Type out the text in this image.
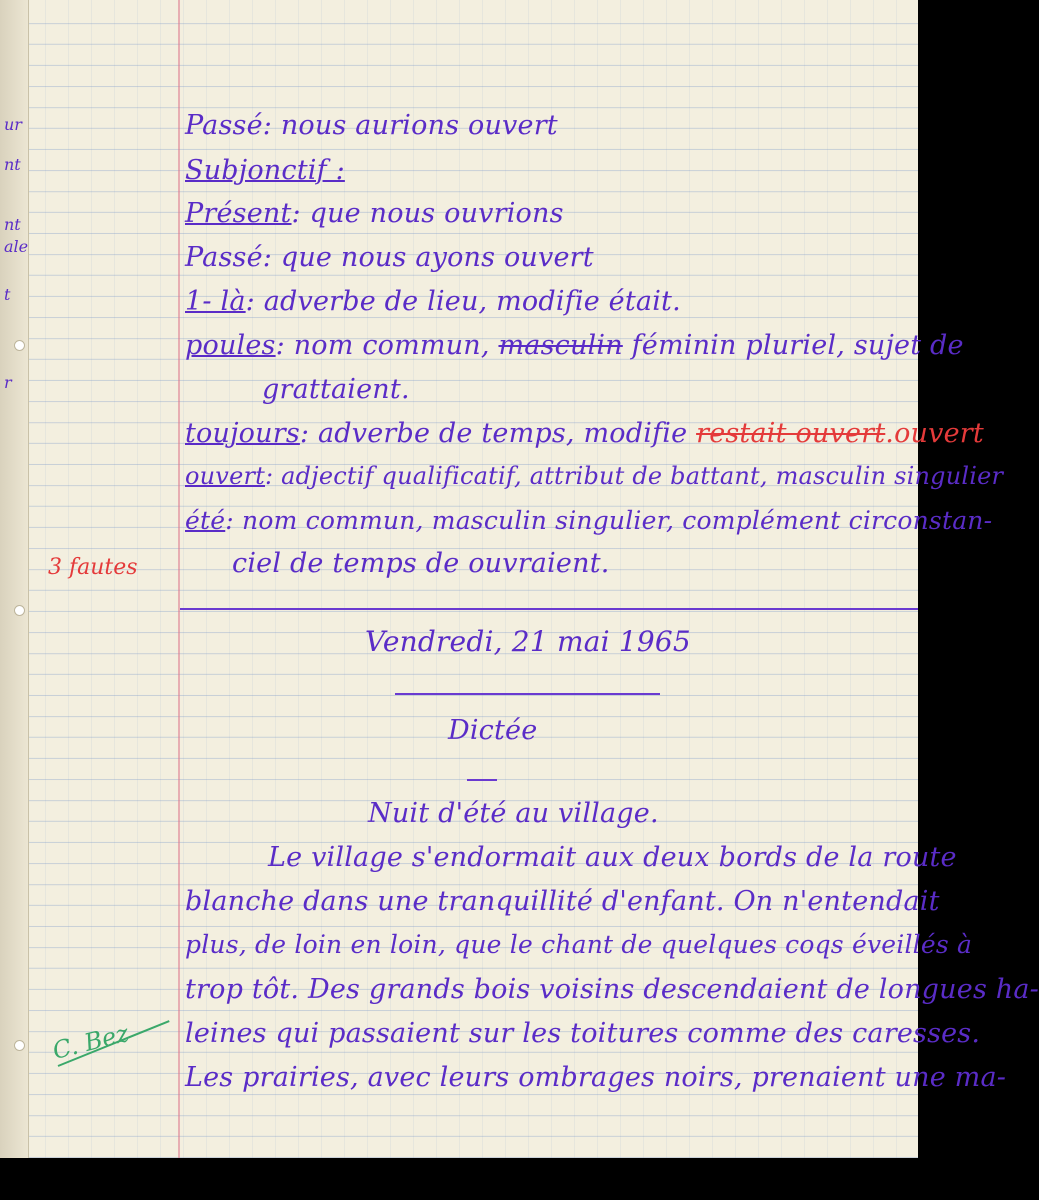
ur
nt
nt
ale
t
r
Passé: nous aurions ouvert
Subjonctif :
Présent: que nous ouvrions
Passé: que nous ayons ouvert
1- là: adverbe de lieu, modifie était.
poules: nom commun, masculin féminin pluriel, sujet de
grattaient.
toujours: adverbe de temps, modifie restait ouvert.ouvert
ouvert: adjectif qualificatif, attribut de battant, masculin singulier
été: nom commun, masculin singulier, complément circonstan-
ciel de temps de ouvraient.
3 fautes
Vendredi, 21 mai 1965
Dictée
Nuit d'été au village.
Le village s'endormait aux deux bords de la route
blanche dans une tranquillité d'enfant. On n'entendait
plus, de loin en loin, que le chant de quelques coqs éveillés à
trop tôt. Des grands bois voisins descendaient de longues ha-
leines qui passaient sur les toitures comme des caresses.
Les prairies, avec leurs ombrages noirs, prenaient une ma-
C. Bez
